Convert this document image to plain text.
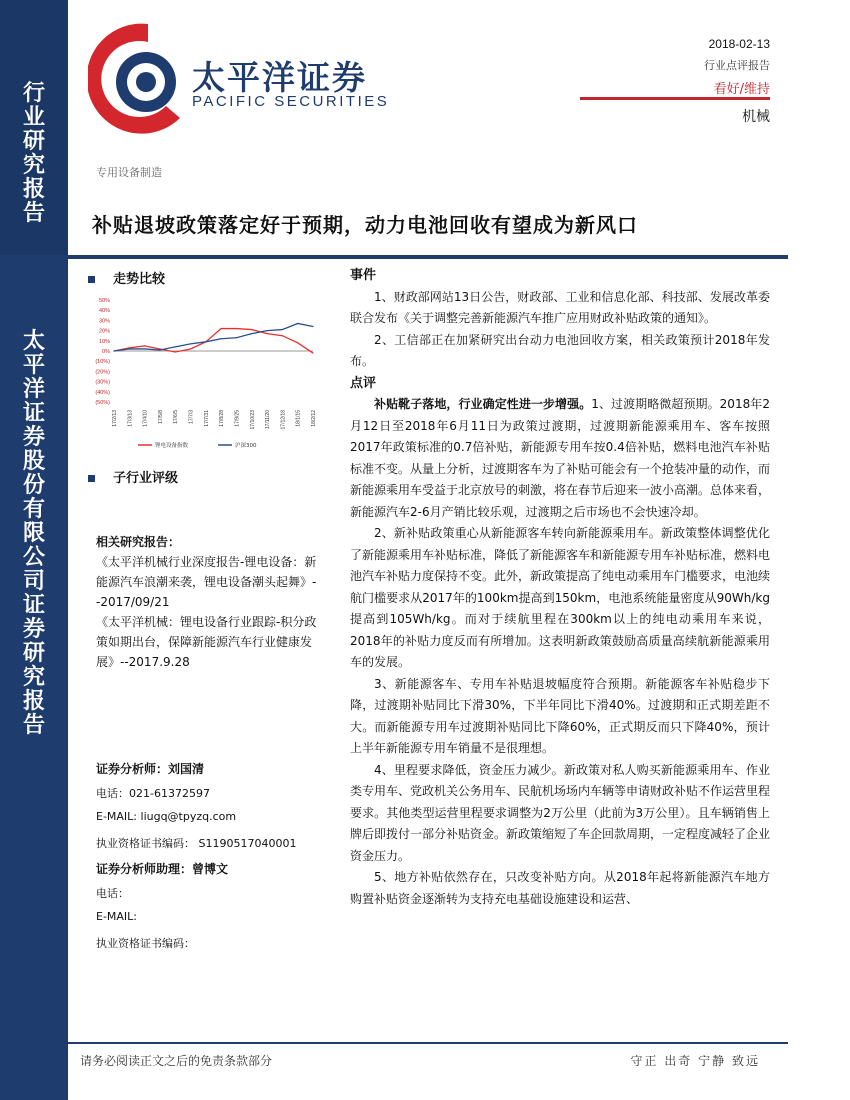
行
业
研
究
报
告
太
平
洋
证
券
股
份
有
限
公
司
证
券
研
究
报
告
太平洋证券
PACIFIC SECURITIES
2018-02-13
行业点评报告
看好/维持
机械
专用设备制造
补贴退坡政策落定好于预期，动力电池回收有望成为新风口
走势比较
50%
40%
30%
20%
10%
0%
(10%)
(20%)
(30%)
(40%)
(50%)
17/2/13 17/3/13 17/4/10 17/5/8 17/6/5 17/7/3 17/7/31 17/8/28 17/9/25 17/10/23 17/11/20 17/12/18 18/1/15 18/2/12
锂电设备指数	沪深300
子行业评级
相关研究报告：
《太平洋机械行业深度报告-锂电设备：新能源汽车浪潮来袭，锂电设备潮头起舞》--2017/09/21
《太平洋机械：锂电设备行业跟踪-积分政策如期出台，保障新能源汽车行业健康发展》--2017.9.28
证券分析师：刘国清
电话：021-61372597
E-MAIL: liugq@tpyzq.com
执业资格证书编码： S1190517040001
证券分析师助理：曾博文
电话：
E-MAIL:
执业资格证书编码：
事件

1、财政部网站13日公告，财政部、工业和信息化部、科技部、发展改革委联合发布《关于调整完善新能源汽车推广应用财政补贴政策的通知》。

2、工信部正在加紧研究出台动力电池回收方案，相关政策预计2018年发布。

点评

补贴靴子落地，行业确定性进一步增强。1、过渡期略微超预期。2018年2月12日至2018年6月11日为政策过渡期，过渡期新能源乘用车、客车按照2017年政策标准的0.7倍补贴，新能源专用车按0.4倍补贴，燃料电池汽车补贴标准不变。从量上分析，过渡期客车为了补贴可能会有一个抢装冲量的动作，而新能源乘用车受益于北京放号的刺激，将在春节后迎来一波小高潮。总体来看，新能源汽车2-6月产销比较乐观，过渡期之后市场也不会快速冷却。

2、新补贴政策重心从新能源客车转向新能源乘用车。新政策整体调整优化了新能源乘用车补贴标准，降低了新能源客车和新能源专用车补贴标准，燃料电池汽车补贴力度保持不变。此外，新政策提高了纯电动乘用车门槛要求，电池续航门槛要求从2017年的100km提高到150km，电池系统能量密度从90Wh/kg提高到105Wh/kg。而对于续航里程在300km以上的纯电动乘用车来说，2018年的补贴力度反而有所增加。这表明新政策鼓励高质量高续航新能源乘用车的发展。

3、新能源客车、专用车补贴退坡幅度符合预期。新能源客车补贴稳步下降，过渡期补贴同比下滑30%，下半年同比下滑40%。过渡期和正式期差距不大。而新能源专用车过渡期补贴同比下降60%，正式期反而只下降40%，预计上半年新能源专用车销量不是很理想。

4、里程要求降低，资金压力减少。新政策对私人购买新能源乘用车、作业类专用车、党政机关公务用车、民航机场场内车辆等申请财政补贴不作运营里程要求。其他类型运营里程要求调整为2万公里（此前为3万公里）。且车辆销售上牌后即拨付一部分补贴资金。新政策缩短了车企回款周期，一定程度减轻了企业资金压力。

5、地方补贴依然存在，只改变补贴方向。从2018年起将新能源汽车地方购置补贴资金逐渐转为支持充电基础设施建设和运营、

请务必阅读正文之后的免责条款部分	守正 出奇 宁静 致远
